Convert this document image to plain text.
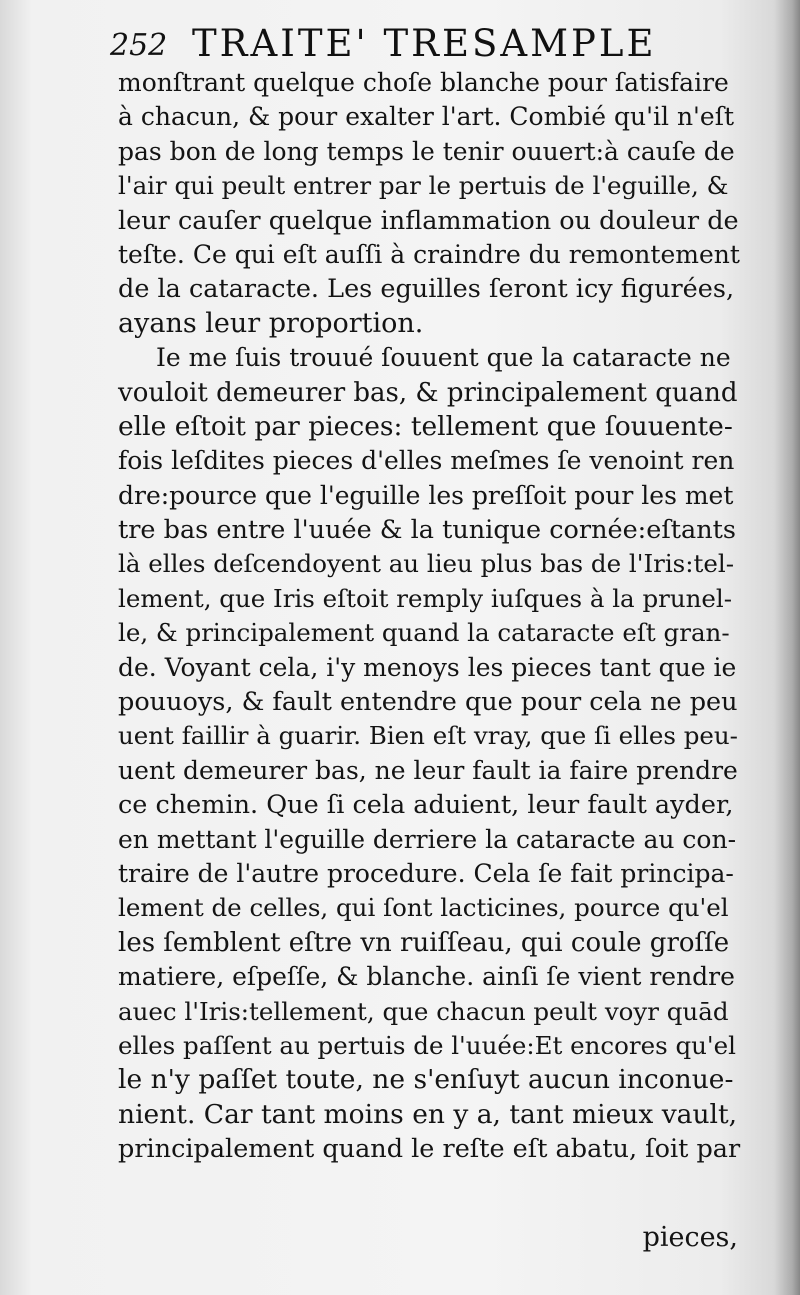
252 TRAITE' TRESAMPLE
monſtrant quelque choſe blanche pour ſatisfaire
à chacun, & pour exalter l'art. Combié qu'il n'eſt
pas bon de long temps le tenir ouuert:à cauſe de
l'air qui peult entrer par le pertuis de l'eguille, &
leur cauſer quelque inflammation ou douleur de
teſte. Ce qui eſt auſſi à craindre du remontement
de la cataracte. Les eguilles ſeront icy figurées,
ayans leur proportion.
Ie me ſuis trouué ſouuent que la cataracte ne
vouloit demeurer bas, & principalement quand
elle eſtoit par pieces: tellement que ſouuente-
fois leſdites pieces d'elles meſmes ſe venoint ren
dre:pource que l'eguille les preſſoit pour les met
tre bas entre l'uuée & la tunique cornée:eſtants
là elles deſcendoyent au lieu plus bas de l'Iris:tel-
lement, que Iris eſtoit remply iuſques à la prunel-
le, & principalement quand la cataracte eſt gran-
de. Voyant cela, i'y menoys les pieces tant que ie
pouuoys, & fault entendre que pour cela ne peu
uent faillir à guarir. Bien eſt vray, que ſi elles peu-
uent demeurer bas, ne leur fault ia faire prendre
ce chemin. Que ſi cela aduient, leur fault ayder,
en mettant l'eguille derriere la cataracte au con-
traire de l'autre procedure. Cela ſe fait principa-
lement de celles, qui ſont lacticines, pource qu'el
les ſemblent eſtre vn ruiſſeau, qui coule groſſe
matiere, eſpeſſe, & blanche. ainſi ſe vient rendre
auec l'Iris:tellement, que chacun peult voyr quād
elles paſſent au pertuis de l'uuée:Et encores qu'el
le n'y paſſet toute, ne s'enſuyt aucun inconue-
nient. Car tant moins en y a, tant mieux vault,
principalement quand le reſte eſt abatu, ſoit par
pieces,
